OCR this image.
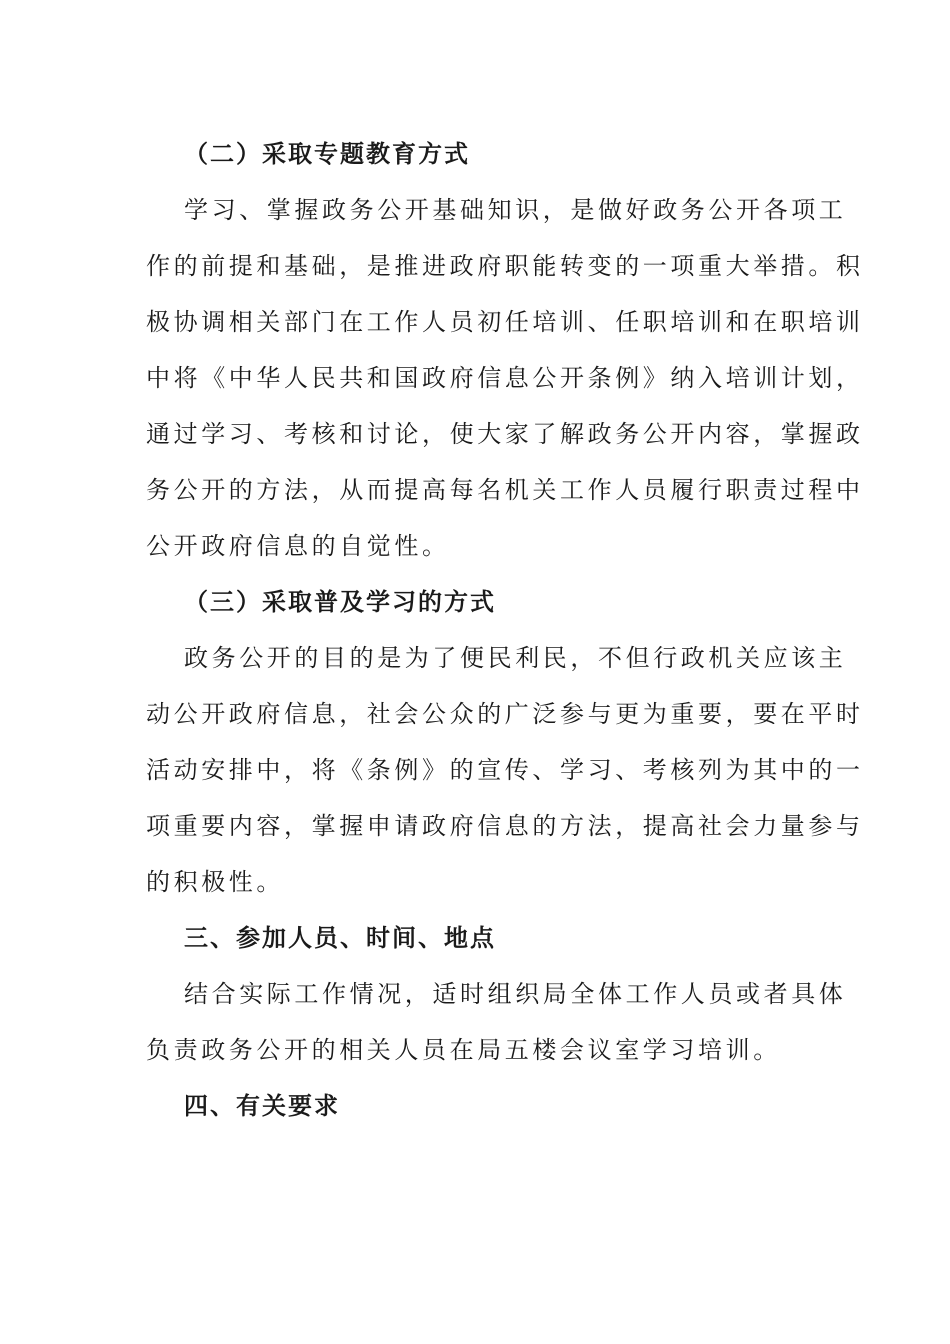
（二）采取专题教育方式

学习、掌握政务公开基础知识，是做好政务公开各项工
作的前提和基础，是推进政府职能转变的一项重大举措。积
极协调相关部门在工作人员初任培训、任职培训和在职培训
中将《中华人民共和国政府信息公开条例》纳入培训计划，
通过学习、考核和讨论，使大家了解政务公开内容，掌握政
务公开的方法，从而提高每名机关工作人员履行职责过程中
公开政府信息的自觉性。

（三）采取普及学习的方式

政务公开的目的是为了便民利民，不但行政机关应该主
动公开政府信息，社会公众的广泛参与更为重要，要在平时
活动安排中，将《条例》的宣传、学习、考核列为其中的一
项重要内容，掌握申请政府信息的方法，提高社会力量参与
的积极性。

三、参加人员、时间、地点

结合实际工作情况，适时组织局全体工作人员或者具体
负责政务公开的相关人员在局五楼会议室学习培训。

四、有关要求
